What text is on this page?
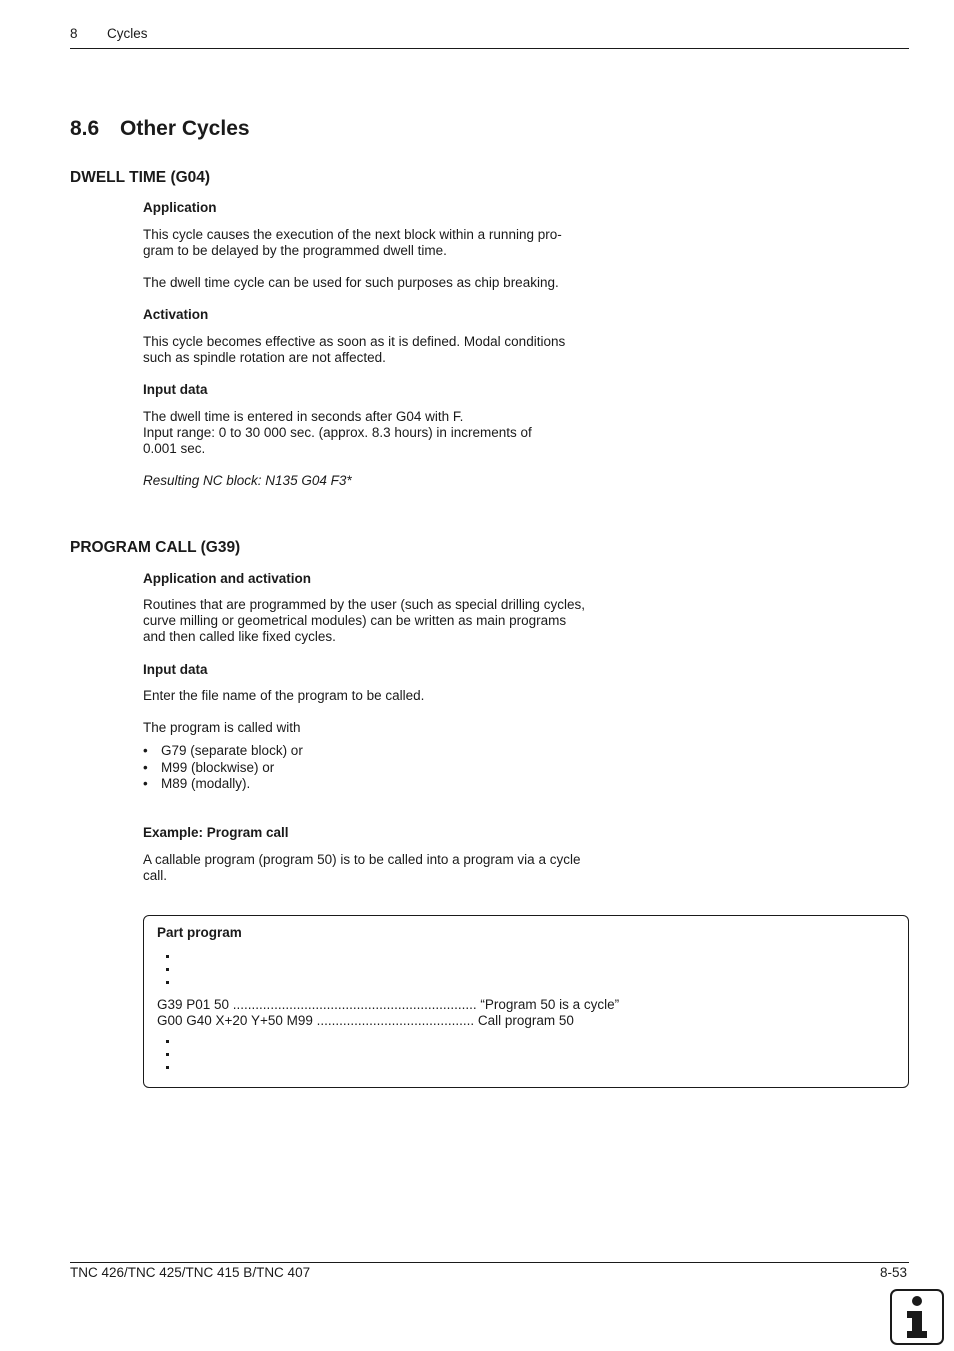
8 Cycles
8.6 Other Cycles
DWELL TIME (G04)
Application
This cycle causes the execution of the next block within a running pro-
gram to be delayed by the programmed dwell time.
The dwell time cycle can be used for such purposes as chip breaking.
Activation
This cycle becomes effective as soon as it is defined. Modal conditions
such as spindle rotation are not affected.
Input data
The dwell time is entered in seconds after G04 with F.
Input range: 0 to 30 000 sec. (approx. 8.3 hours) in increments of
0.001 sec.
Resulting NC block: N135 G04 F3*
PROGRAM CALL (G39)
Application and activation
Routines that are programmed by the user (such as special drilling cycles,
curve milling or geometrical modules) can be written as main programs
and then called like fixed cycles.
Input data
Enter the file name of the program to be called.
The program is called with
• G79 (separate block) or
• M99 (blockwise) or
• M89 (modally).
Example: Program call
A callable program (program 50) is to be called into a program via a cycle
call.
Part program
G39 P01 50 ................................................................. “Program 50 is a cycle”
G00 G40 X+20 Y+50 M99 .......................................... Call program 50
TNC 426/TNC 425/TNC 415 B/TNC 407	8-53
